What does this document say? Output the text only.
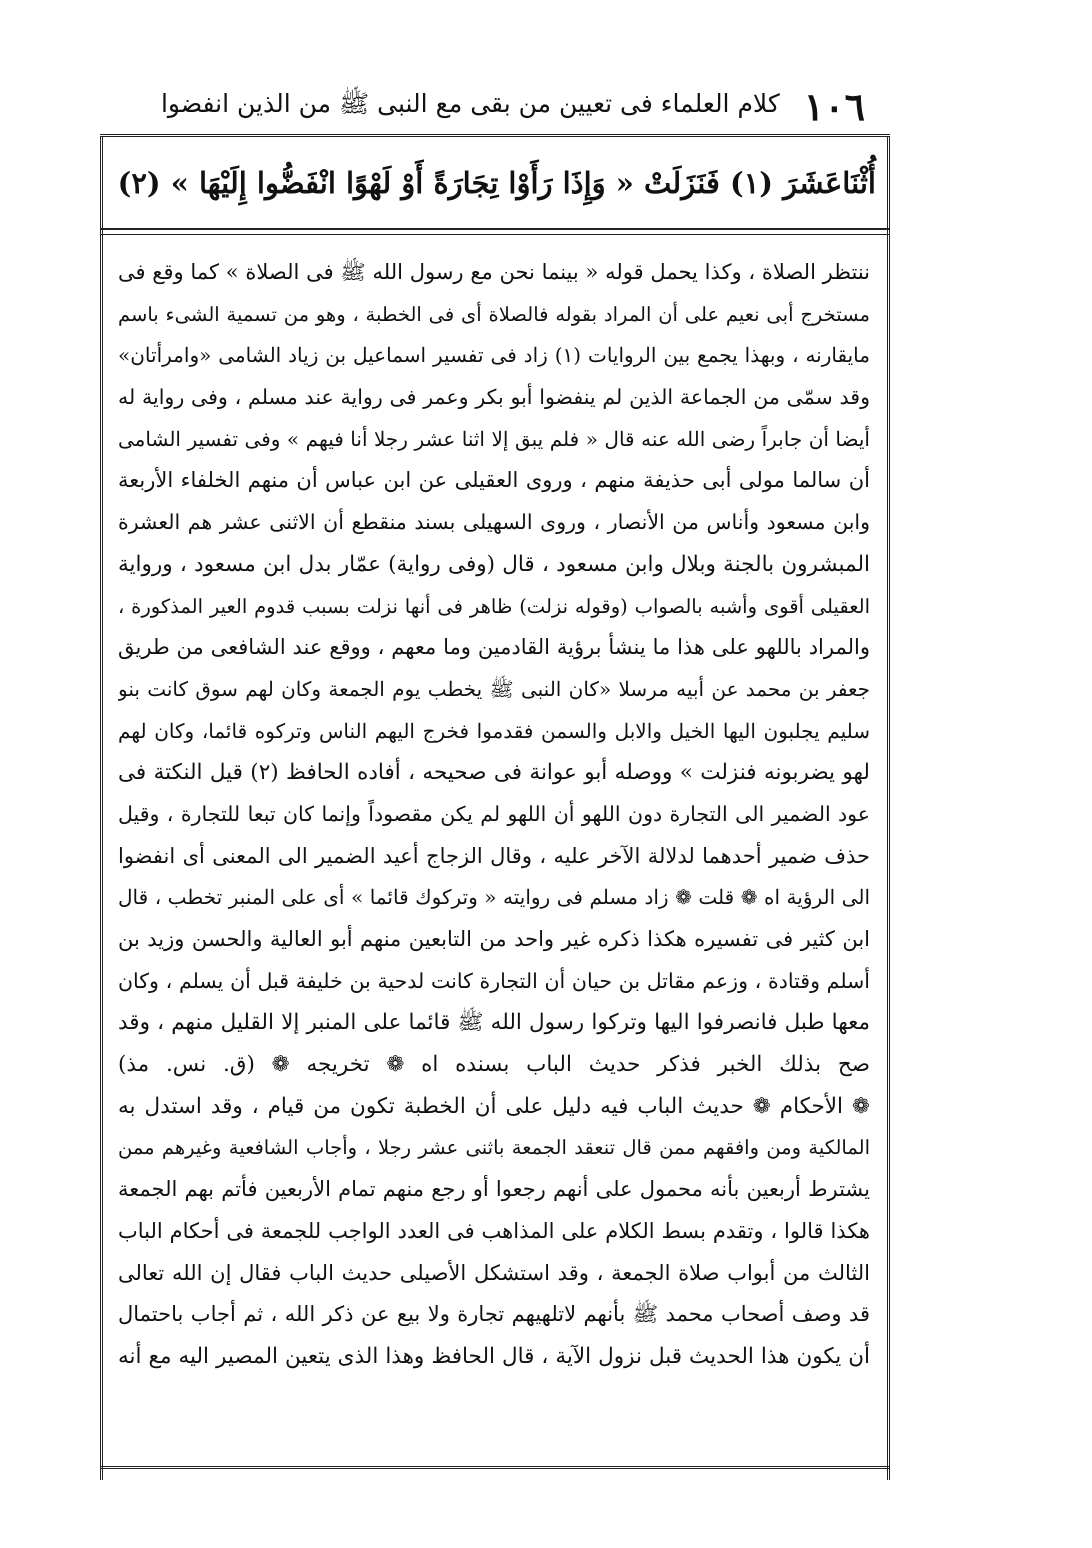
١٠٦
كلام العلماء فى تعيين من بقى مع النبى ﷺ من الذين انفضوا
أُثْنَاعَشَرَ (١) فَنَزَلَتْ « وَإِذَا رَأَوْا تِجَارَةً أَوْ لَهْوًا انْفَضُّوا إِلَيْهَا » (٢)
ننتظر الصلاة ، وكذا يحمل قوله « بينما نحن مع رسول الله ﷺ فى الصلاة » كما وقع فى
مستخرج أبى نعيم على أن المراد بقوله فالصلاة أى فى الخطبة ، وهو من تسمية الشىء باسم
مايقارنه ، وبهذا يجمع بين الروايات (١) زاد فى تفسير اسماعيل بن زياد الشامى «وامرأتان»
وقد سمّى من الجماعة الذين لم ينفضوا أبو بكر وعمر فى رواية عند مسلم ، وفى رواية له
أيضا أن جابراً رضى الله عنه قال « فلم يبق إلا اثنا عشر رجلا أنا فيهم » وفى تفسير الشامى
أن سالما مولى أبى حذيفة منهم ، وروى العقيلى عن ابن عباس أن منهم الخلفاء الأربعة
وابن مسعود وأناس من الأنصار ، وروى السهيلى بسند منقطع أن الاثنى عشر هم العشرة
المبشرون بالجنة وبلال وابن مسعود ، قال (وفى رواية) عمّار بدل ابن مسعود ، ورواية
العقيلى أقوى وأشبه بالصواب (وقوله نزلت) ظاهر فى أنها نزلت بسبب قدوم العير المذكورة ،
والمراد باللهو على هذا ما ينشأ برؤية القادمين وما معهم ، ووقع عند الشافعى من طريق
جعفر بن محمد عن أبيه مرسلا «كان النبى ﷺ يخطب يوم الجمعة وكان لهم سوق كانت بنو
سليم يجلبون اليها الخيل والابل والسمن فقدموا فخرج اليهم الناس وتركوه قائما، وكان لهم
لهو يضربونه فنزلت » ووصله أبو عوانة فى صحيحه ، أفاده الحافظ (٢) قيل النكتة فى
عود الضمير الى التجارة دون اللهو أن اللهو لم يكن مقصوداً وإنما كان تبعا للتجارة ، وقيل
حذف ضمير أحدهما لدلالة الآخر عليه ، وقال الزجاج أعيد الضمير الى المعنى أى انفضوا
الى الرؤية اه ❁ قلت ❁ زاد مسلم فى روايته « وتركوك قائما » أى على المنبر تخطب ، قال
ابن كثير فى تفسيره هكذا ذكره غير واحد من التابعين منهم أبو العالية والحسن وزيد بن
أسلم وقتادة ، وزعم مقاتل بن حيان أن التجارة كانت لدحية بن خليفة قبل أن يسلم ، وكان
معها طبل فانصرفوا اليها وتركوا رسول الله ﷺ قائما على المنبر إلا القليل منهم ، وقد
صح بذلك الخبر فذكر حديث الباب بسنده اه ❁ تخريجه ❁ (ق. نس. مذ)
❁ الأحكام ❁ حديث الباب فيه دليل على أن الخطبة تكون من قيام ، وقد استدل به
المالكية ومن وافقهم ممن قال تنعقد الجمعة باثنى عشر رجلا ، وأجاب الشافعية وغيرهم ممن
يشترط أربعين بأنه محمول على أنهم رجعوا أو رجع منهم تمام الأربعين فأتم بهم الجمعة
هكذا قالوا ، وتقدم بسط الكلام على المذاهب فى العدد الواجب للجمعة فى أحكام الباب
الثالث من أبواب صلاة الجمعة ، وقد استشكل الأصيلى حديث الباب فقال إن الله تعالى
قد وصف أصحاب محمد ﷺ بأنهم لاتلهيهم تجارة ولا بيع عن ذكر الله ، ثم أجاب باحتمال
أن يكون هذا الحديث قبل نزول الآية ، قال الحافظ وهذا الذى يتعين المصير اليه مع أنه
